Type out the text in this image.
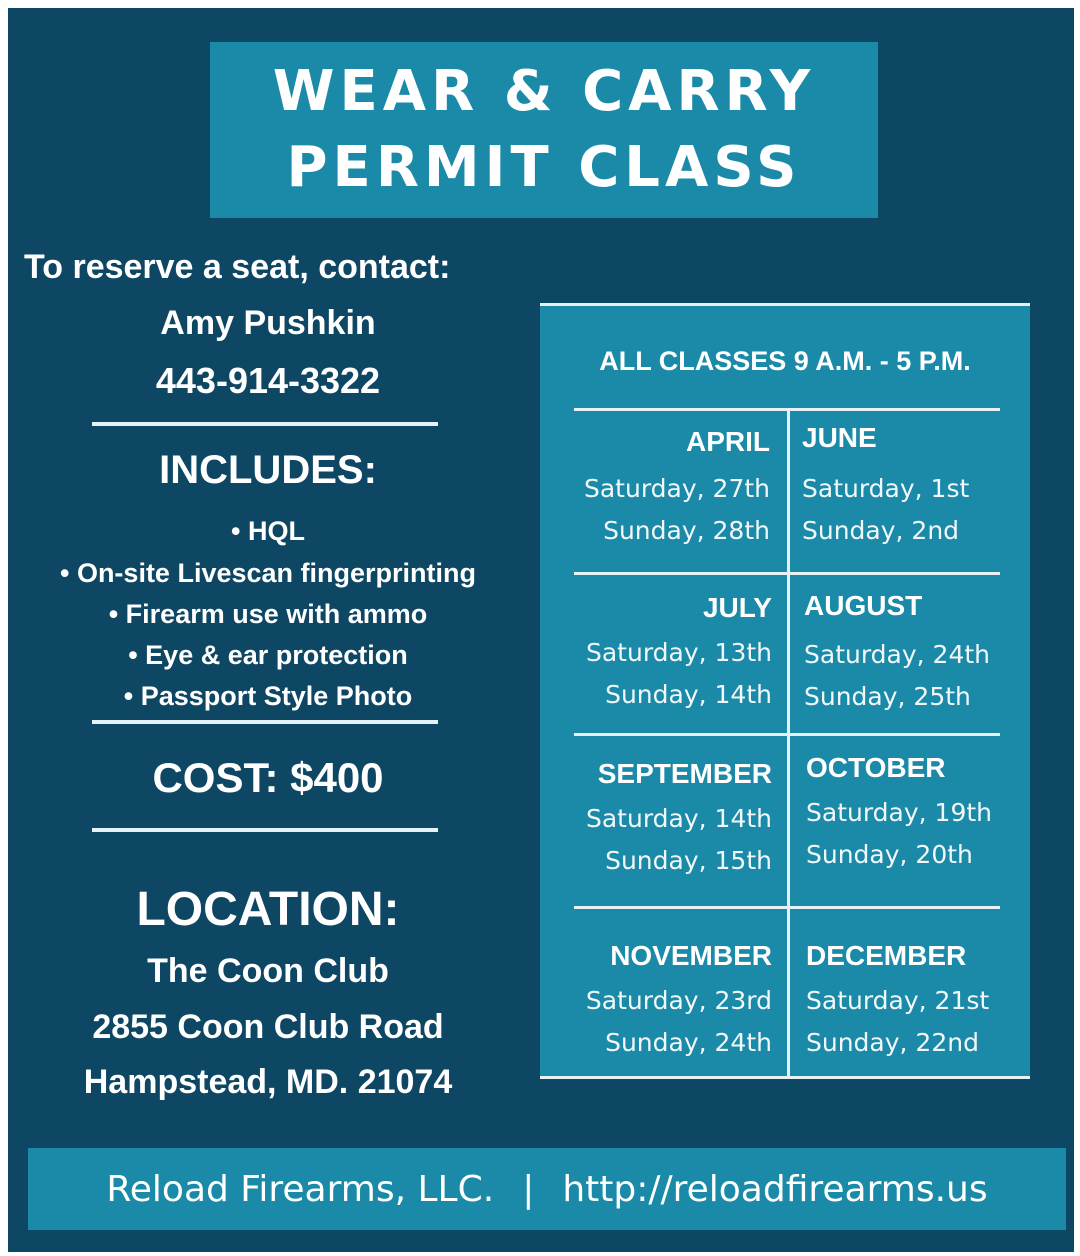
WEAR & CARRY
PERMIT CLASS
To reserve a seat, contact:
Amy Pushkin
443-914-3322
INCLUDES:
• HQL
• On-site Livescan fingerprinting
• Firearm use with ammo
• Eye & ear protection
• Passport Style Photo
COST: $400
LOCATION:
The Coon Club
2855 Coon Club Road
Hampstead, MD. 21074
ALL CLASSES 9 A.M. - 5 P.M.
APRIL
Saturday, 27th
Sunday, 28th
JUNE
Saturday, 1st
Sunday, 2nd
JULY
Saturday, 13th
Sunday, 14th
AUGUST
Saturday, 24th
Sunday, 25th
SEPTEMBER
Saturday, 14th
Sunday, 15th
OCTOBER
Saturday, 19th
Sunday, 20th
NOVEMBER
Saturday, 23rd
Sunday, 24th
DECEMBER
Saturday, 21st
Sunday, 22nd
Reload Firearms, LLC. | http://reloadfirearms.us
